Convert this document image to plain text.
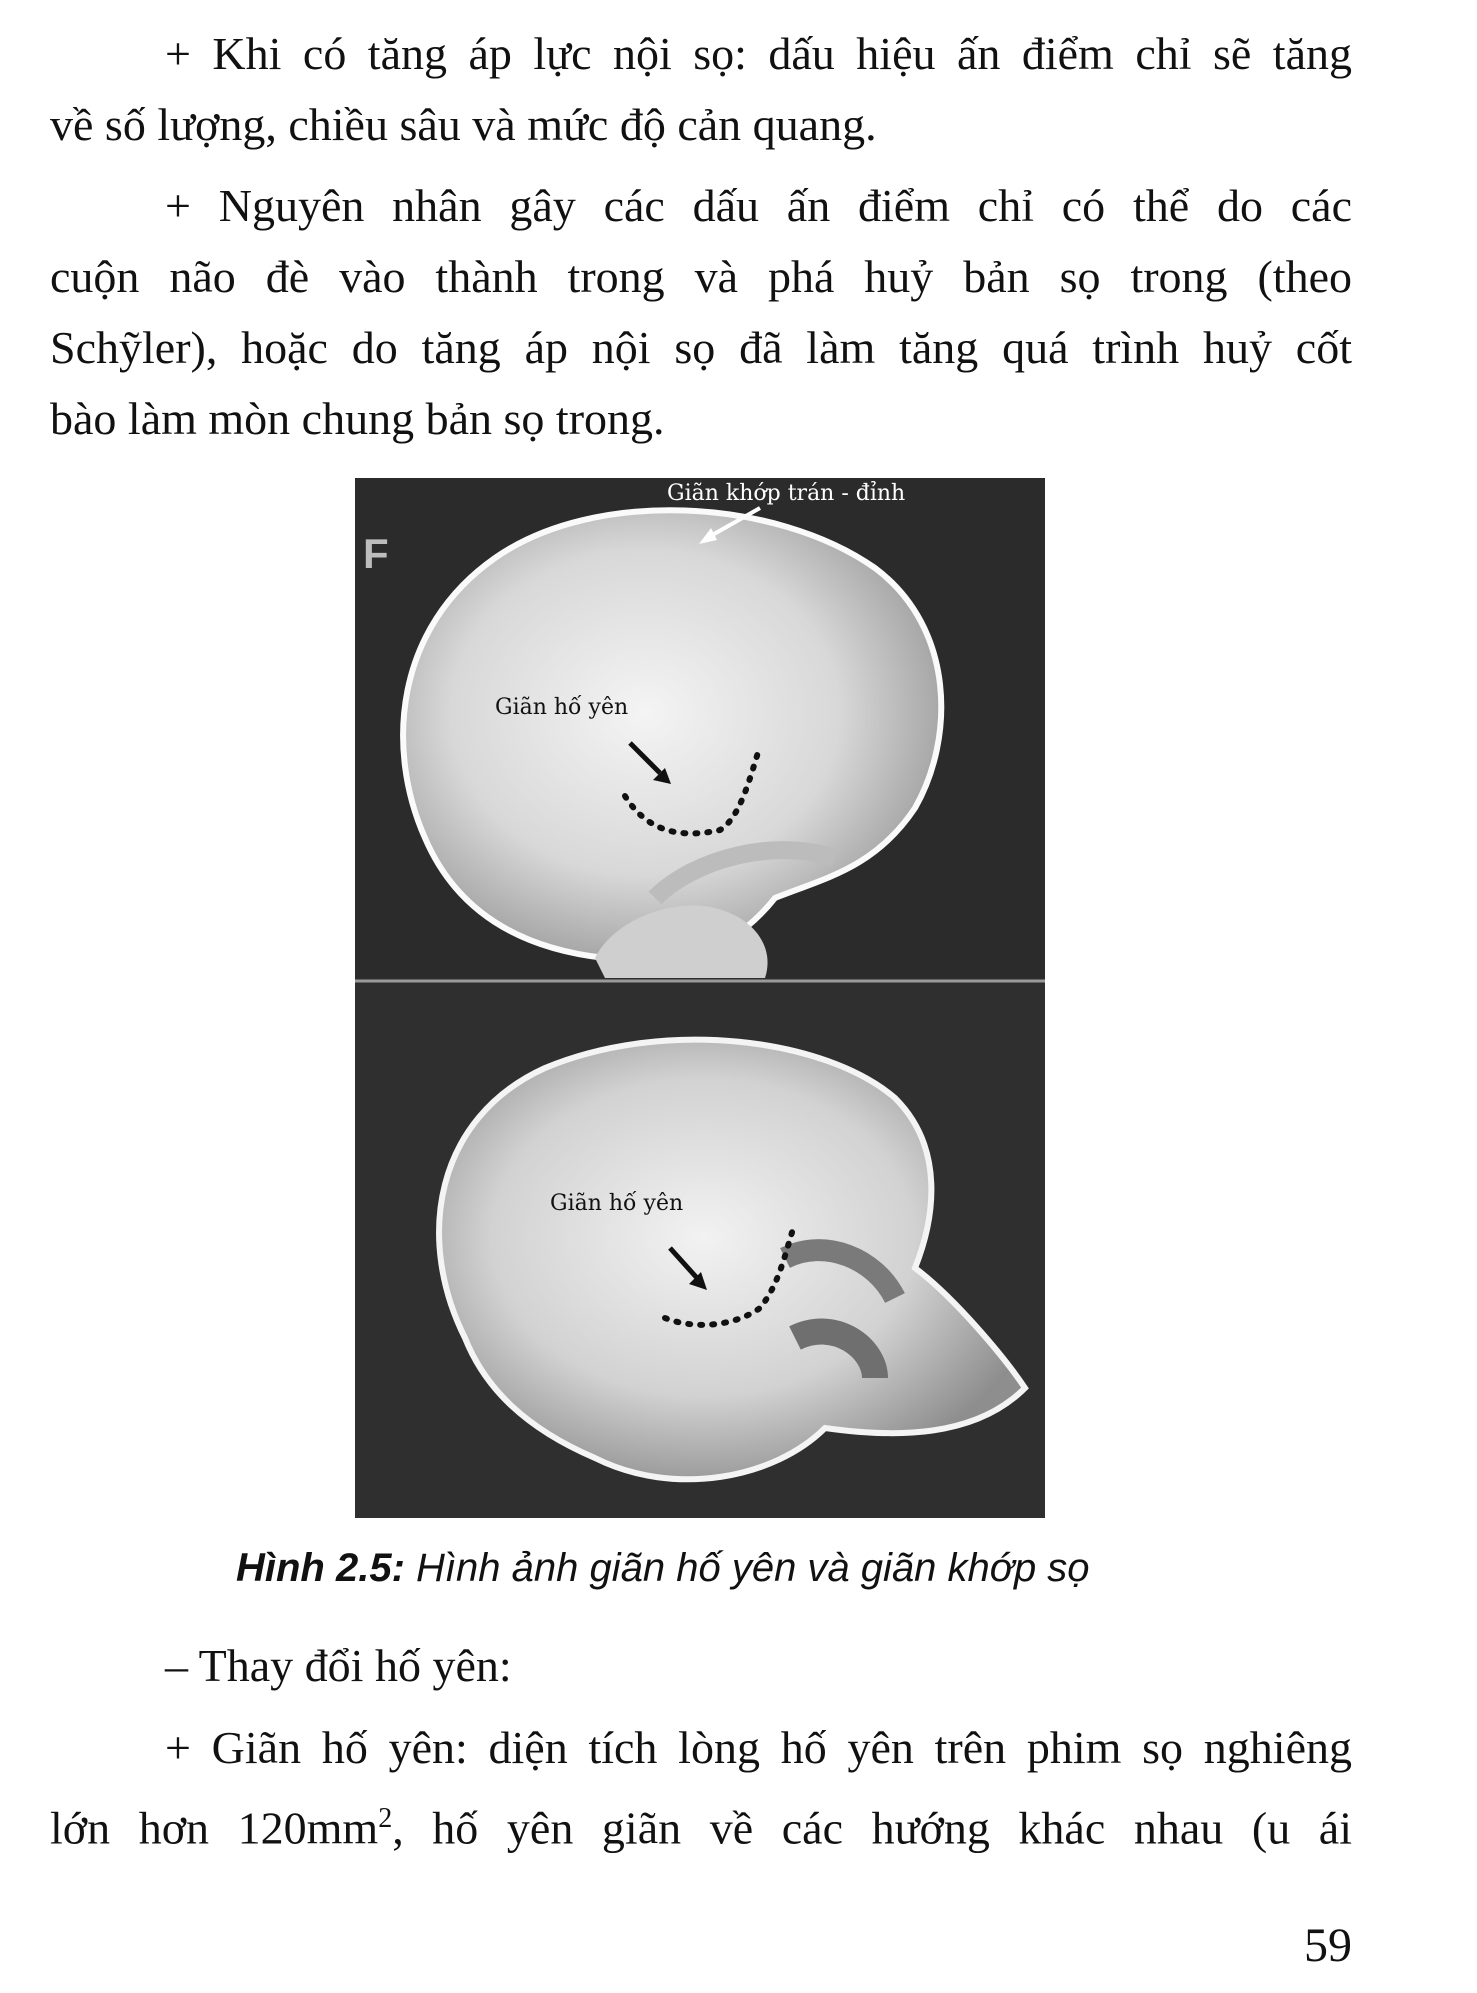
+ Khi có tăng áp lực nội sọ: dấu hiệu ấn điểm chỉ sẽ tăng
về số lượng, chiều sâu và mức độ cản quang.
+ Nguyên nhân gây các dấu ấn điểm chỉ có thể do các
cuộn não đè vào thành trong và phá huỷ bản sọ trong (theo
Schỹler), hoặc do tăng áp nội sọ đã làm tăng quá trình huỷ cốt
bào làm mòn chung bản sọ trong.
F
Giãn khớp trán - đỉnh
Giãn hố yên
Giãn hố yên
Hình 2.5: Hình ảnh giãn hố yên và giãn khớp sọ
– Thay đổi hố yên:
+ Giãn hố yên: diện tích lòng hố yên trên phim sọ nghiêng
lớn hơn $120mm^2$, hố yên giãn về các hướng khác nhau (u ái
59
